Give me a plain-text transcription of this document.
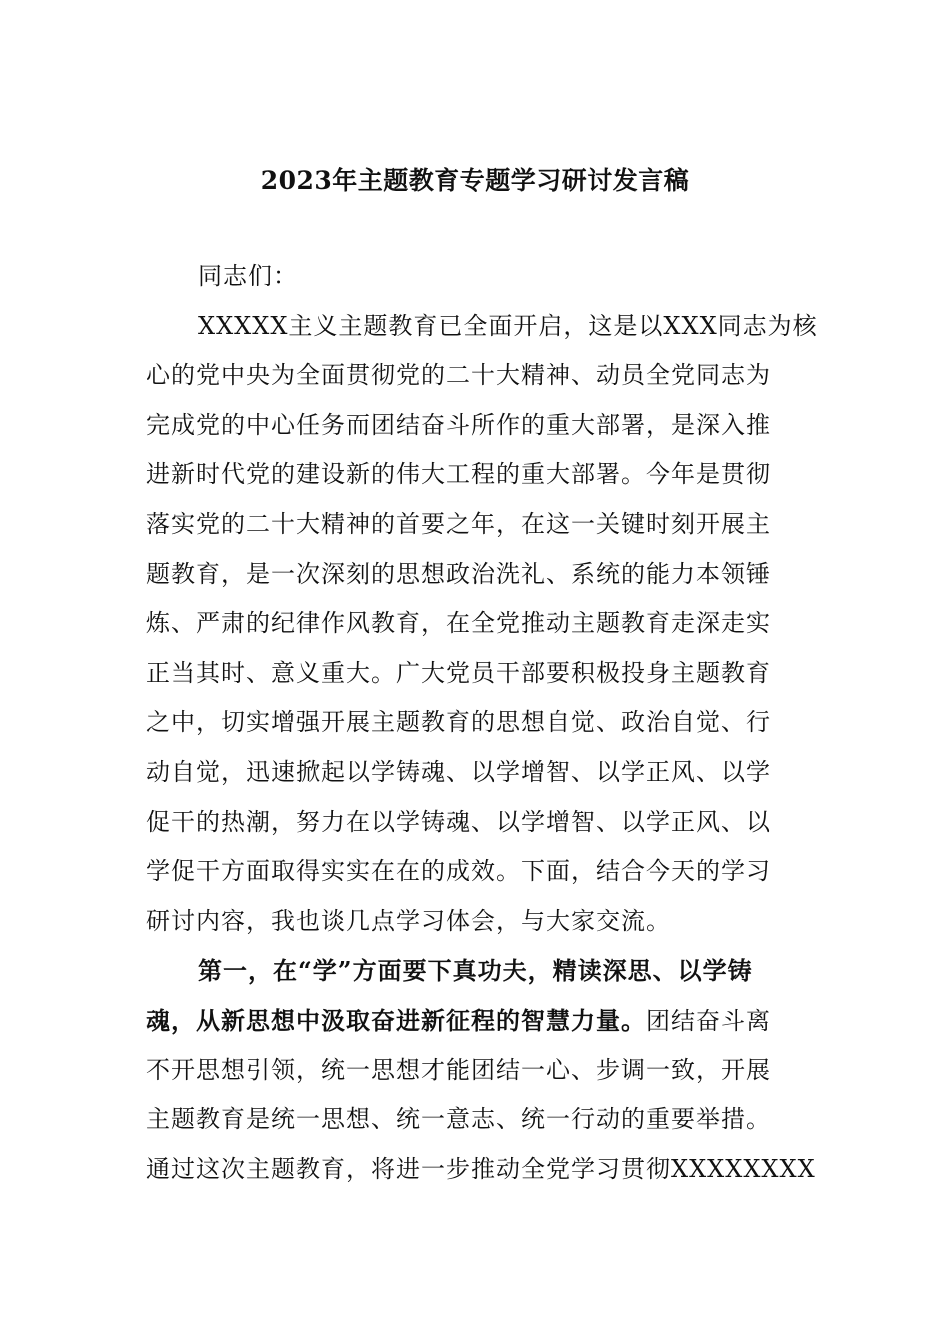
2023年主题教育专题学习研讨发言稿
同志们：
XXXXX主义主题教育已全面开启，这是以XXX同志为核
心的党中央为全面贯彻党的二十大精神、动员全党同志为
完成党的中心任务而团结奋斗所作的重大部署，是深入推
进新时代党的建设新的伟大工程的重大部署。今年是贯彻
落实党的二十大精神的首要之年，在这一关键时刻开展主
题教育，是一次深刻的思想政治洗礼、系统的能力本领锤
炼、严肃的纪律作风教育，在全党推动主题教育走深走实
正当其时、意义重大。广大党员干部要积极投身主题教育
之中，切实增强开展主题教育的思想自觉、政治自觉、行
动自觉，迅速掀起以学铸魂、以学增智、以学正风、以学
促干的热潮，努力在以学铸魂、以学增智、以学正风、以
学促干方面取得实实在在的成效。下面，结合今天的学习
研讨内容，我也谈几点学习体会，与大家交流。
第一，在“学”方面要下真功夫，精读深思、以学铸
魂，从新思想中汲取奋进新征程的智慧力量。团结奋斗离
不开思想引领，统一思想才能团结一心、步调一致，开展
主题教育是统一思想、统一意志、统一行动的重要举措。
通过这次主题教育，将进一步推动全党学习贯彻XXXXXXXX
